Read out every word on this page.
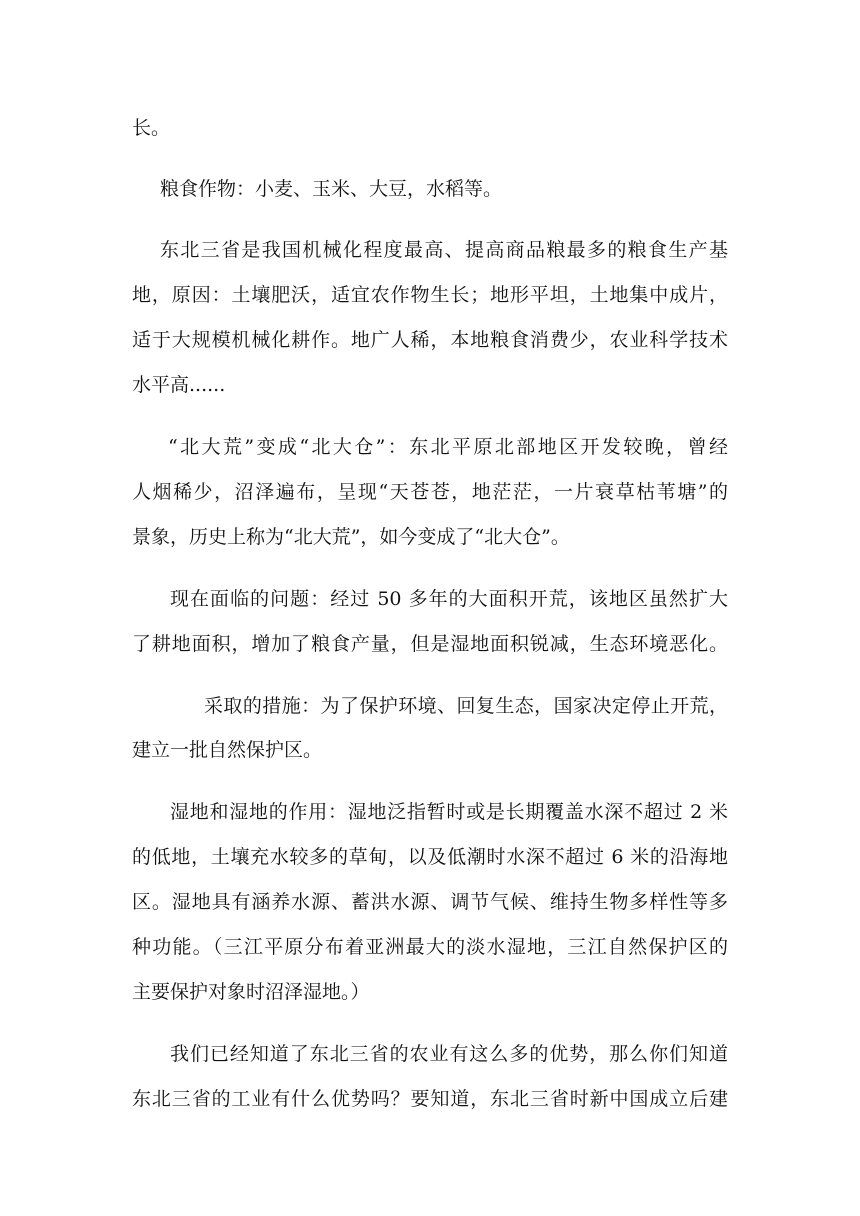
长。
粮食作物：小麦、玉米、大豆，水稻等。
东北三省是我国机械化程度最高、提高商品粮最多的粮食生产基
地，原因：土壤肥沃，适宜农作物生长；地形平坦，土地集中成片，
适于大规模机械化耕作。地广人稀，本地粮食消费少，农业科学技术
水平高......
“北大荒”变成“北大仓”：东北平原北部地区开发较晚，曾经
人烟稀少，沼泽遍布，呈现“天苍苍，地茫茫，一片衰草枯苇塘”的
景象，历史上称为“北大荒”，如今变成了“北大仓”。
现在面临的问题：经过 50 多年的大面积开荒，该地区虽然扩大
了耕地面积，增加了粮食产量，但是湿地面积锐减，生态环境恶化。
采取的措施：为了保护环境、回复生态，国家决定停止开荒，
建立一批自然保护区。
湿地和湿地的作用：湿地泛指暂时或是长期覆盖水深不超过 2 米
的低地，土壤充水较多的草甸，以及低潮时水深不超过 6 米的沿海地
区。湿地具有涵养水源、蓄洪水源、调节气候、维持生物多样性等多
种功能。（三江平原分布着亚洲最大的淡水湿地，三江自然保护区的
主要保护对象时沼泽湿地。）
我们已经知道了东北三省的农业有这么多的优势，那么你们知道
东北三省的工业有什么优势吗？要知道，东北三省时新中国成立后建
